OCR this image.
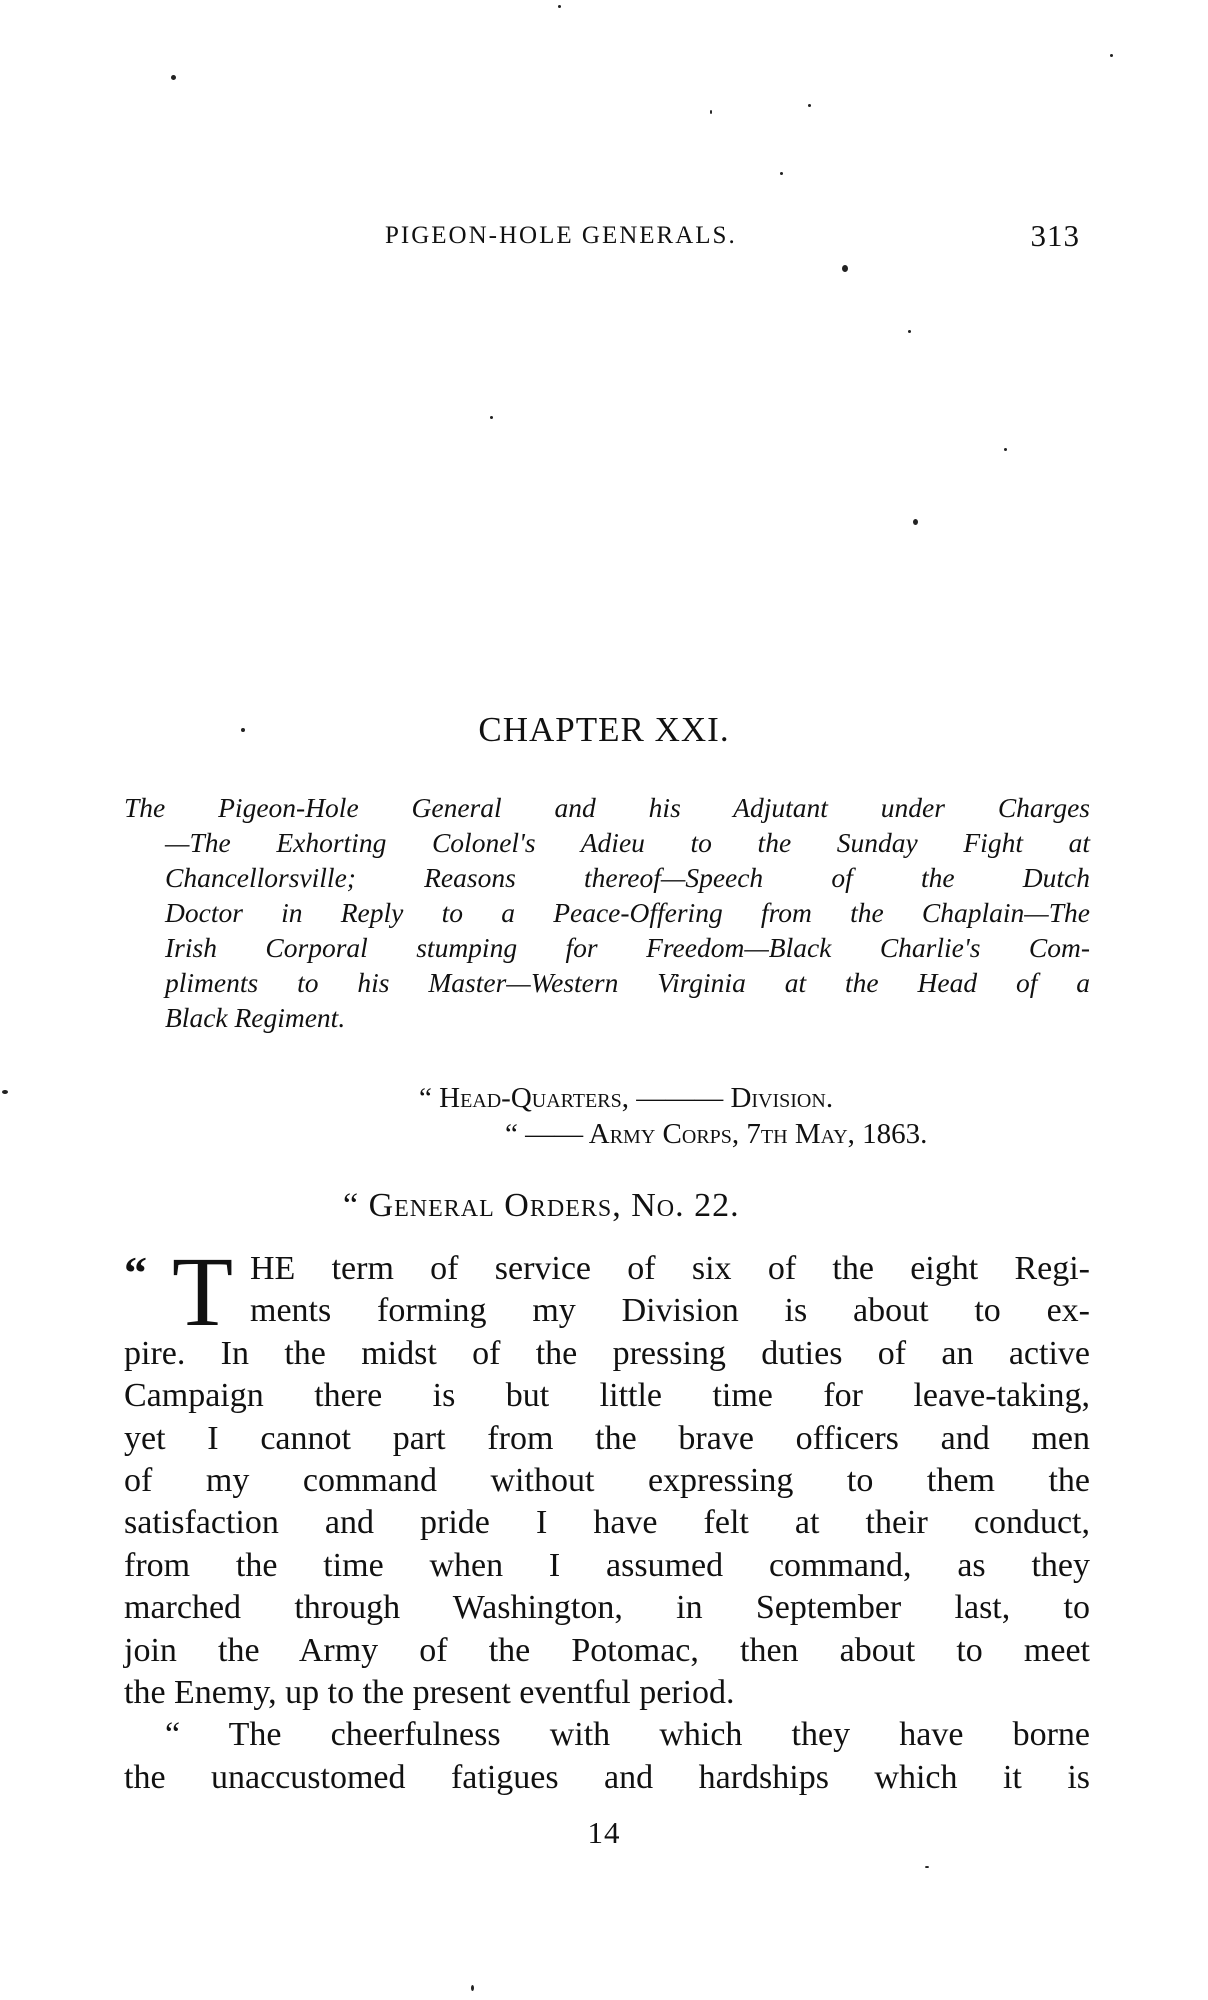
PIGEON-HOLE GENERALS.	313
CHAPTER XXI.
The Pigeon-Hole General and his Adjutant under Charges
—The Exhorting Colonel's Adieu to the Sunday Fight at
Chancellorsville; Reasons thereof—Speech of the Dutch
Doctor in Reply to a Peace-Offering from the Chaplain—The
Irish Corporal stumping for Freedom—Black Charlie's Com-
pliments to his Master—Western Virginia at the Head of a
Black Regiment.
“ Head-Quarters, ——— Division.
“ —— Army Corps, 7th May, 1863.
“ General Orders, No. 22.
“ T HE term of service of six of the eight Regi-
ments forming my Division is about to ex-
pire. In the midst of the pressing duties of an active
Campaign there is but little time for leave-taking,
yet I cannot part from the brave officers and men
of my command without expressing to them the
satisfaction and pride I have felt at their conduct,
from the time when I assumed command, as they
marched through Washington, in September last, to
join the Army of the Potomac, then about to meet
the Enemy, up to the present eventful period.
“ The cheerfulness with which they have borne
the unaccustomed fatigues and hardships which it is
14
